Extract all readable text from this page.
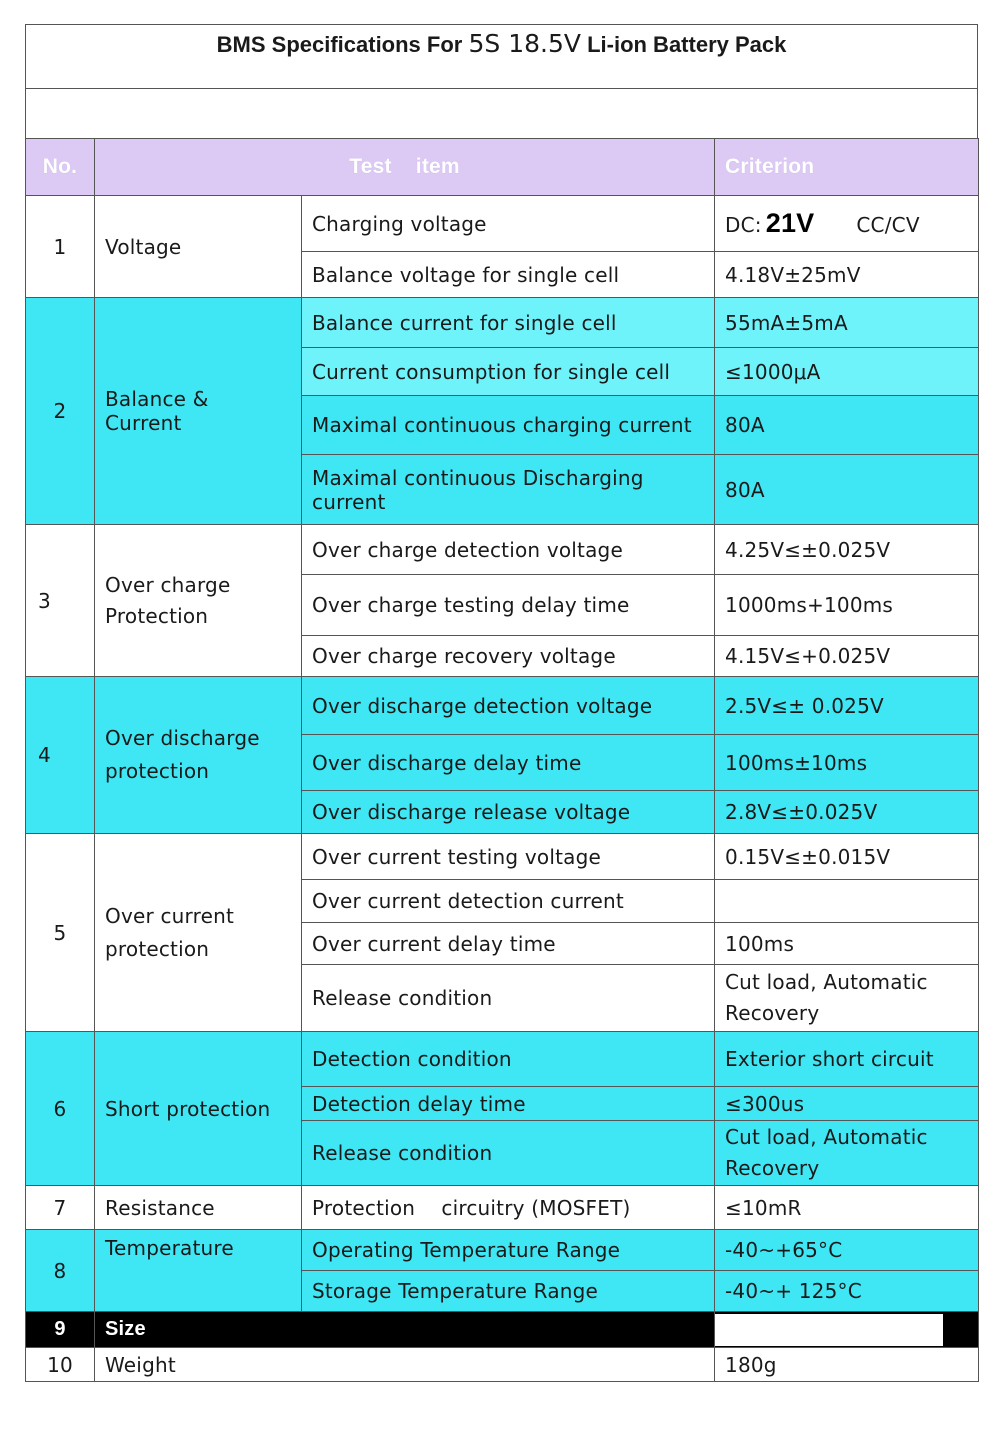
BMS Specifications For 5S 18.5V Li-ion Battery Pack
No.	Test    item		Criterion
1	Voltage	Charging voltage	DC: 21V CC/CV
		Balance voltage for single cell	4.18V±25mV
2	Balance & Current	Balance current for single cell	55mA±5mA
		Current consumption for single cell	≤1000μA
		Maximal continuous charging current	80A
		Maximal continuous Discharging current	80A
3	Over charge Protection	Over charge detection voltage	4.25V≤±0.025V
		Over charge testing delay time	1000ms+100ms
		Over charge recovery voltage	4.15V≤+0.025V
4	Over discharge protection	Over discharge detection voltage	2.5V≤± 0.025V
		Over discharge delay time	100ms±10ms
		Over discharge release voltage	2.8V≤±0.025V
5	Over current protection	Over current testing voltage	0.15V≤±0.015V
		Over current detection current	
		Over current delay time	100ms
		Release condition	Cut load, Automatic Recovery
6	Short protection	Detection condition	Exterior short circuit
		Detection delay time	≤300us
		Release condition	Cut load, Automatic Recovery
7	Resistance	Protection    circuitry (MOSFET)	≤10mR
8	Temperature	Operating Temperature Range	-40~+65°C
		Storage Temperature Range	-40~+ 125°C
9	Size		

10	Weight		180g
